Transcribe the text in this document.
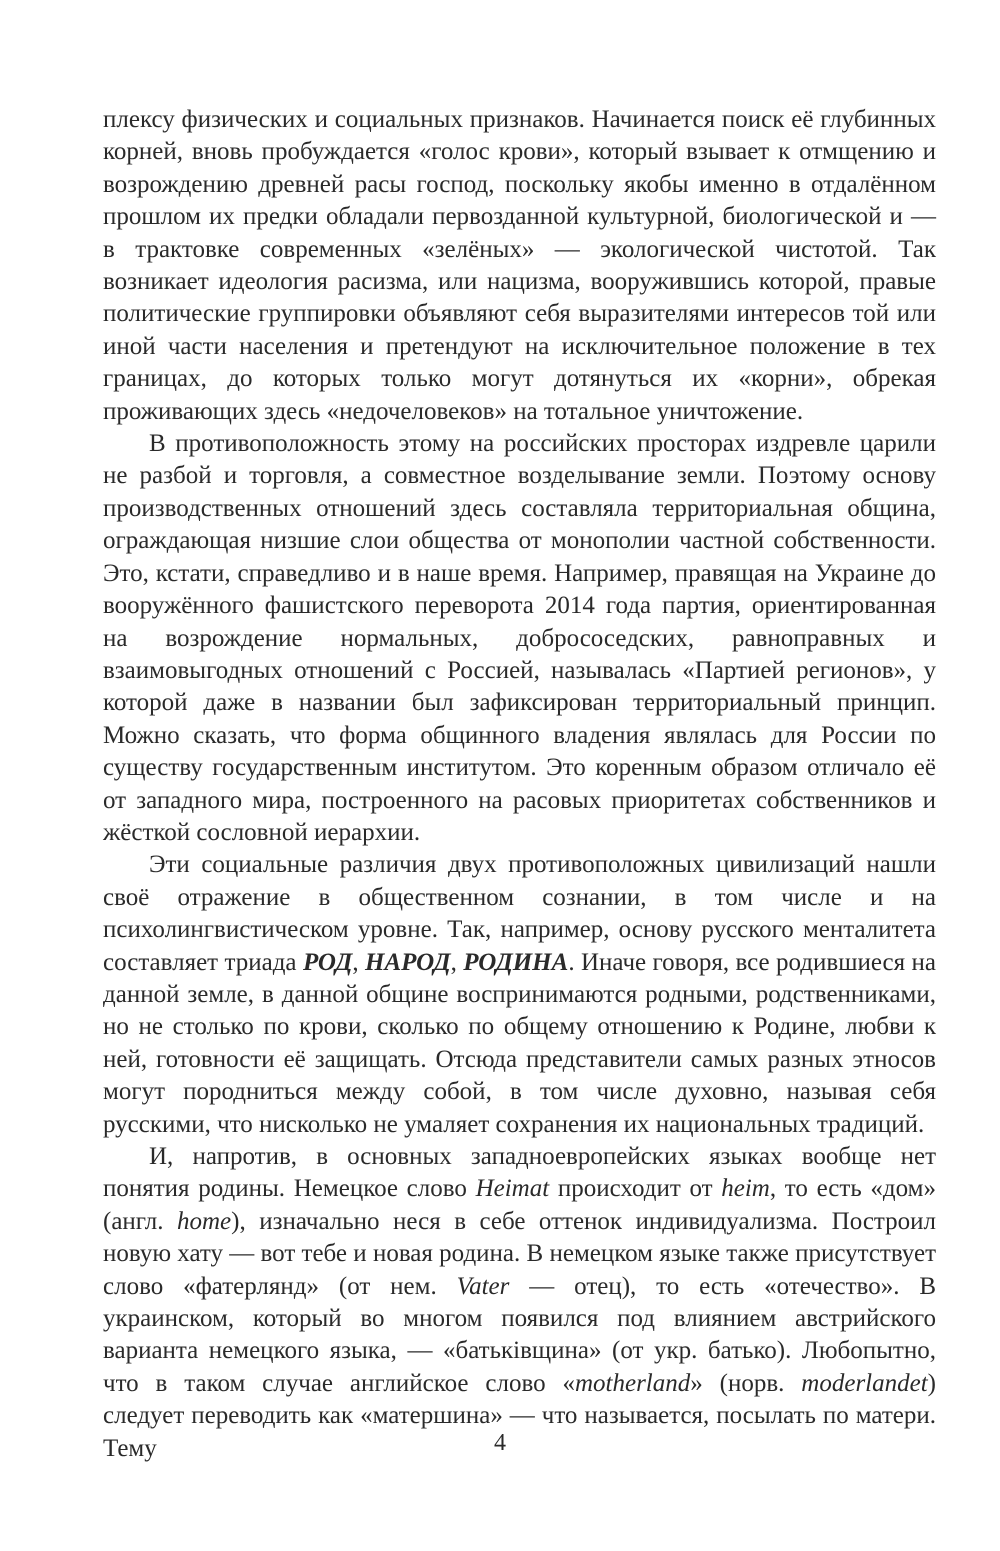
плексу физических и социальных признаков. Начинается поиск её глубинных корней, вновь пробуждается «голос крови», который взывает к отмщению и возрождению древней расы господ, поскольку якобы именно в отдалённом прошлом их предки обладали первозданной культурной, биологической и — в трактовке современных «зелёных» — экологической чистотой. Так возникает идеология расизма, или нацизма, вооружившись которой, правые политические группировки объявляют себя выразителями интересов той или иной части населения и претендуют на исключительное положение в тех границах, до которых только могут дотянуться их «корни», обрекая проживающих здесь «недочеловеков» на тотальное уничтожение.

В противоположность этому на российских просторах издревле царили не разбой и торговля, а совместное возделывание земли. Поэтому основу производственных отношений здесь составляла территориальная община, ограждающая низшие слои общества от монополии частной собственности. Это, кстати, справедливо и в наше время. Например, правящая на Украине до вооружённого фашистского переворота 2014 года партия, ориентированная на возрождение нормальных, добрососедских, равноправных и взаимовыгодных отношений с Россией, называлась «Партией регионов», у которой даже в названии был зафиксирован территориальный принцип. Можно сказать, что форма общинного владения являлась для России по существу государственным институтом. Это коренным образом отличало её от западного мира, построенного на расовых приоритетах собственников и жёсткой сословной иерархии.

Эти социальные различия двух противоположных цивилизаций нашли своё отражение в общественном сознании, в том числе и на психолингвистическом уровне. Так, например, основу русского менталитета составляет триада РОД, НАРОД, РОДИНА. Иначе говоря, все родившиеся на данной земле, в данной общине воспринимаются родными, родственниками, но не столько по крови, сколько по общему отношению к Родине, любви к ней, готовности её защищать. Отсюда представители самых разных этносов могут породниться между собой, в том числе духовно, называя себя русскими, что нисколько не умаляет сохранения их национальных традиций.

И, напротив, в основных западноевропейских языках вообще нет понятия родины. Немецкое слово Heimat происходит от heim, то есть «дом» (англ. home), изначально неся в себе оттенок индивидуализма. Построил новую хату — вот тебе и новая родина. В немецком языке также присутствует слово «фатерлянд» (от нем. Vater — отец), то есть «отечество». В украинском, который во многом появился под влиянием австрийского варианта немецкого языка, — «батьківщина» (от укр. батько). Любопытно, что в таком случае английское слово «motherland» (норв. moderlandet) следует переводить как «матершина» — что называется, посылать по матери. Тему	4
